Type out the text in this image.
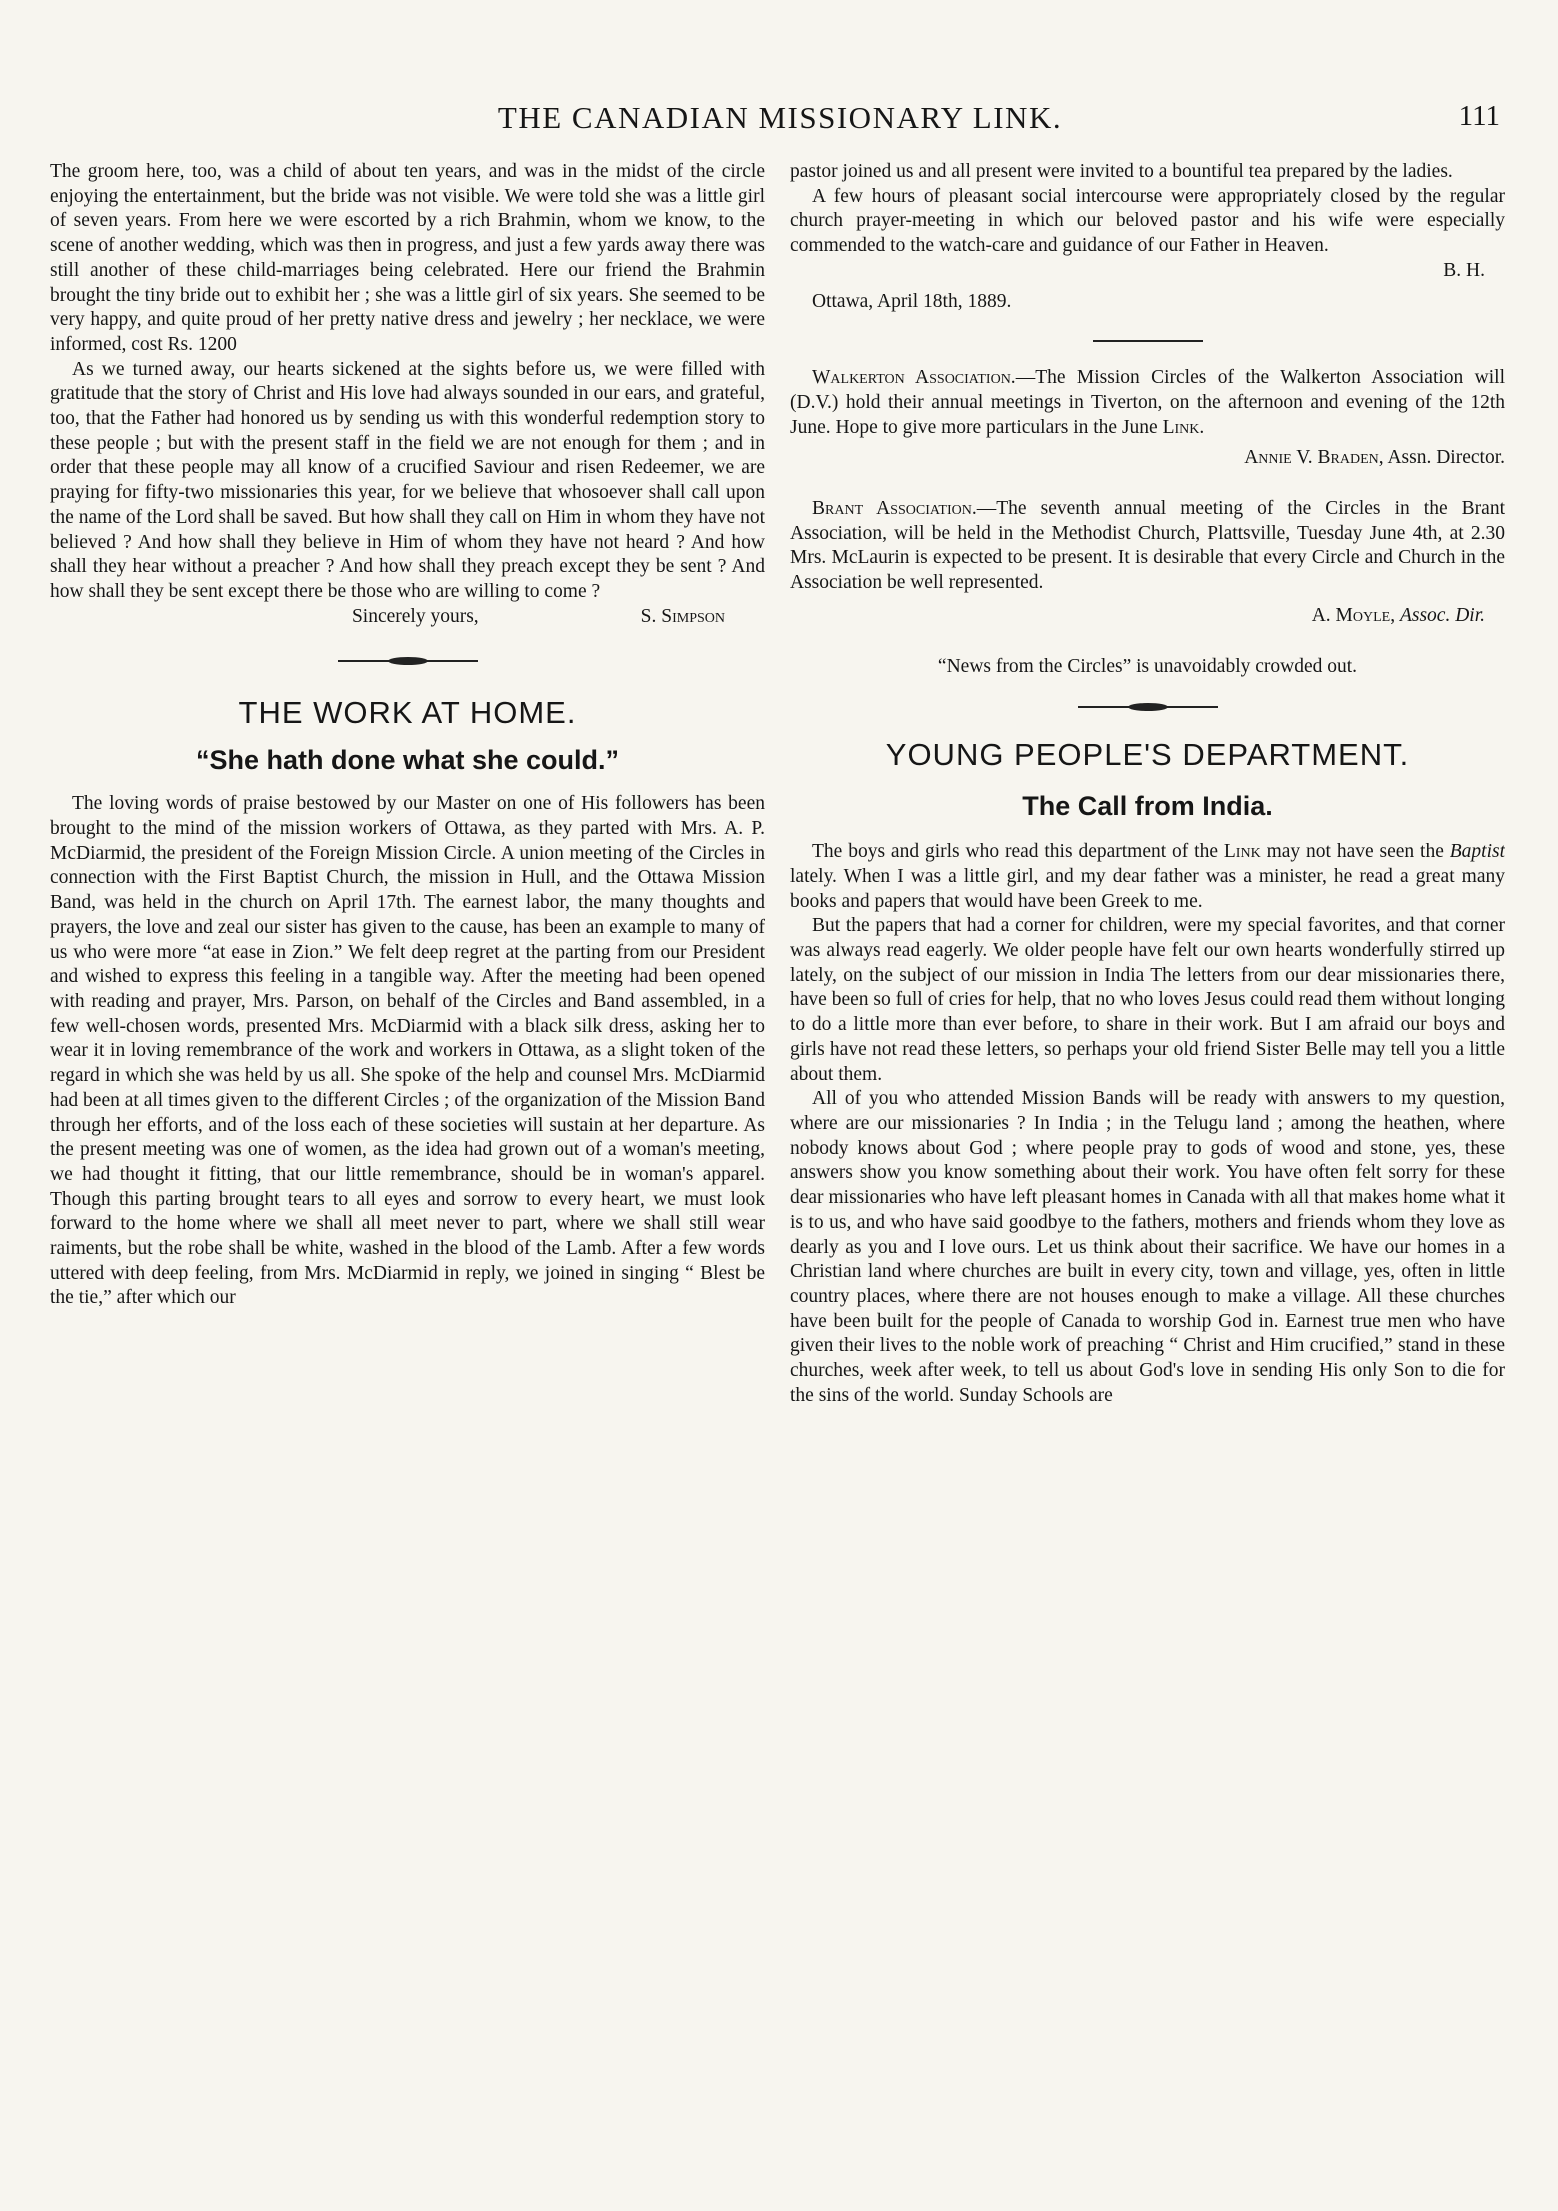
THE CANADIAN MISSIONARY LINK.	111

The groom here, too, was a child of about ten years, and was in the midst of the circle enjoying the entertainment, but the bride was not visible. We were told she was a little girl of seven years. From here we were escorted by a rich Brahmin, whom we know, to the scene of another wedding, which was then in progress, and just a few yards away there was still another of these child-marriages being celebrated. Here our friend the Brahmin brought the tiny bride out to exhibit her ; she was a little girl of six years. She seemed to be very happy, and quite proud of her pretty native dress and jewelry ; her necklace, we were informed, cost Rs. 1200

As we turned away, our hearts sickened at the sights before us, we were filled with gratitude that the story of Christ and His love had always sounded in our ears, and grateful, too, that the Father had honored us by sending us with this wonderful redemption story to these people ; but with the present staff in the field we are not enough for them ; and in order that these people may all know of a crucified Saviour and risen Redeemer, we are praying for fifty-two missionaries this year, for we believe that whosoever shall call upon the name of the Lord shall be saved. But how shall they call on Him in whom they have not believed ? And how shall they believe in Him of whom they have not heard ? And how shall they hear without a preacher ? And how shall they preach except they be sent ? And how shall they be sent except there be those who are willing to come ?

Sincerely yours,	S. Simpson

THE WORK AT HOME.
“She hath done what she could.”

The loving words of praise bestowed by our Master on one of His followers has been brought to the mind of the mission workers of Ottawa, as they parted with Mrs. A. P. McDiarmid, the president of the Foreign Mission Circle. A union meeting of the Circles in connection with the First Baptist Church, the mission in Hull, and the Ottawa Mission Band, was held in the church on April 17th. The earnest labor, the many thoughts and prayers, the love and zeal our sister has given to the cause, has been an example to many of us who were more “at ease in Zion.” We felt deep regret at the parting from our President and wished to express this feeling in a tangible way. After the meeting had been opened with reading and prayer, Mrs. Parson, on behalf of the Circles and Band assembled, in a few well-chosen words, presented Mrs. McDiarmid with a black silk dress, asking her to wear it in loving remembrance of the work and workers in Ottawa, as a slight token of the regard in which she was held by us all. She spoke of the help and counsel Mrs. McDiarmid had been at all times given to the different Circles ; of the organization of the Mission Band through her efforts, and of the loss each of these societies will sustain at her departure. As the present meeting was one of women, as the idea had grown out of a woman's meeting, we had thought it fitting, that our little remembrance, should be in woman's apparel. Though this parting brought tears to all eyes and sorrow to every heart, we must look forward to the home where we shall all meet never to part, where we shall still wear raiments, but the robe shall be white, washed in the blood of the Lamb. After a few words uttered with deep feeling, from Mrs. McDiarmid in reply, we joined in singing “ Blest be the tie,” after which our

pastor joined us and all present were invited to a bountiful tea prepared by the ladies.

A few hours of pleasant social intercourse were appropriately closed by the regular church prayer-meeting in which our beloved pastor and his wife were especially commended to the watch-care and guidance of our Father in Heaven.

B. H.

Ottawa, April 18th, 1889.

Walkerton Association.—The Mission Circles of the Walkerton Association will (D.V.) hold their annual meetings in Tiverton, on the afternoon and evening of the 12th June. Hope to give more particulars in the June Link.

Annie V. Braden, Assn. Director.

Brant Association.—The seventh annual meeting of the Circles in the Brant Association, will be held in the Methodist Church, Plattsville, Tuesday June 4th, at 2.30 Mrs. McLaurin is expected to be present. It is desirable that every Circle and Church in the Association be well represented.

A. Moyle, Assoc. Dir.

“News from the Circles” is unavoidably crowded out.

YOUNG PEOPLE'S DEPARTMENT.
The Call from India.

The boys and girls who read this department of the Link may not have seen the Baptist lately. When I was a little girl, and my dear father was a minister, he read a great many books and papers that would have been Greek to me.

But the papers that had a corner for children, were my special favorites, and that corner was always read eagerly. We older people have felt our own hearts wonderfully stirred up lately, on the subject of our mission in India The letters from our dear missionaries there, have been so full of cries for help, that no who loves Jesus could read them without longing to do a little more than ever before, to share in their work. But I am afraid our boys and girls have not read these letters, so perhaps your old friend Sister Belle may tell you a little about them.

All of you who attended Mission Bands will be ready with answers to my question, where are our missionaries ? In India ; in the Telugu land ; among the heathen, where nobody knows about God ; where people pray to gods of wood and stone, yes, these answers show you know something about their work. You have often felt sorry for these dear missionaries who have left pleasant homes in Canada with all that makes home what it is to us, and who have said goodbye to the fathers, mothers and friends whom they love as dearly as you and I love ours. Let us think about their sacrifice. We have our homes in a Christian land where churches are built in every city, town and village, yes, often in little country places, where there are not houses enough to make a village. All these churches have been built for the people of Canada to worship God in. Earnest true men who have given their lives to the noble work of preaching “ Christ and Him crucified,” stand in these churches, week after week, to tell us about God's love in sending His only Son to die for the sins of the world. Sunday Schools are
